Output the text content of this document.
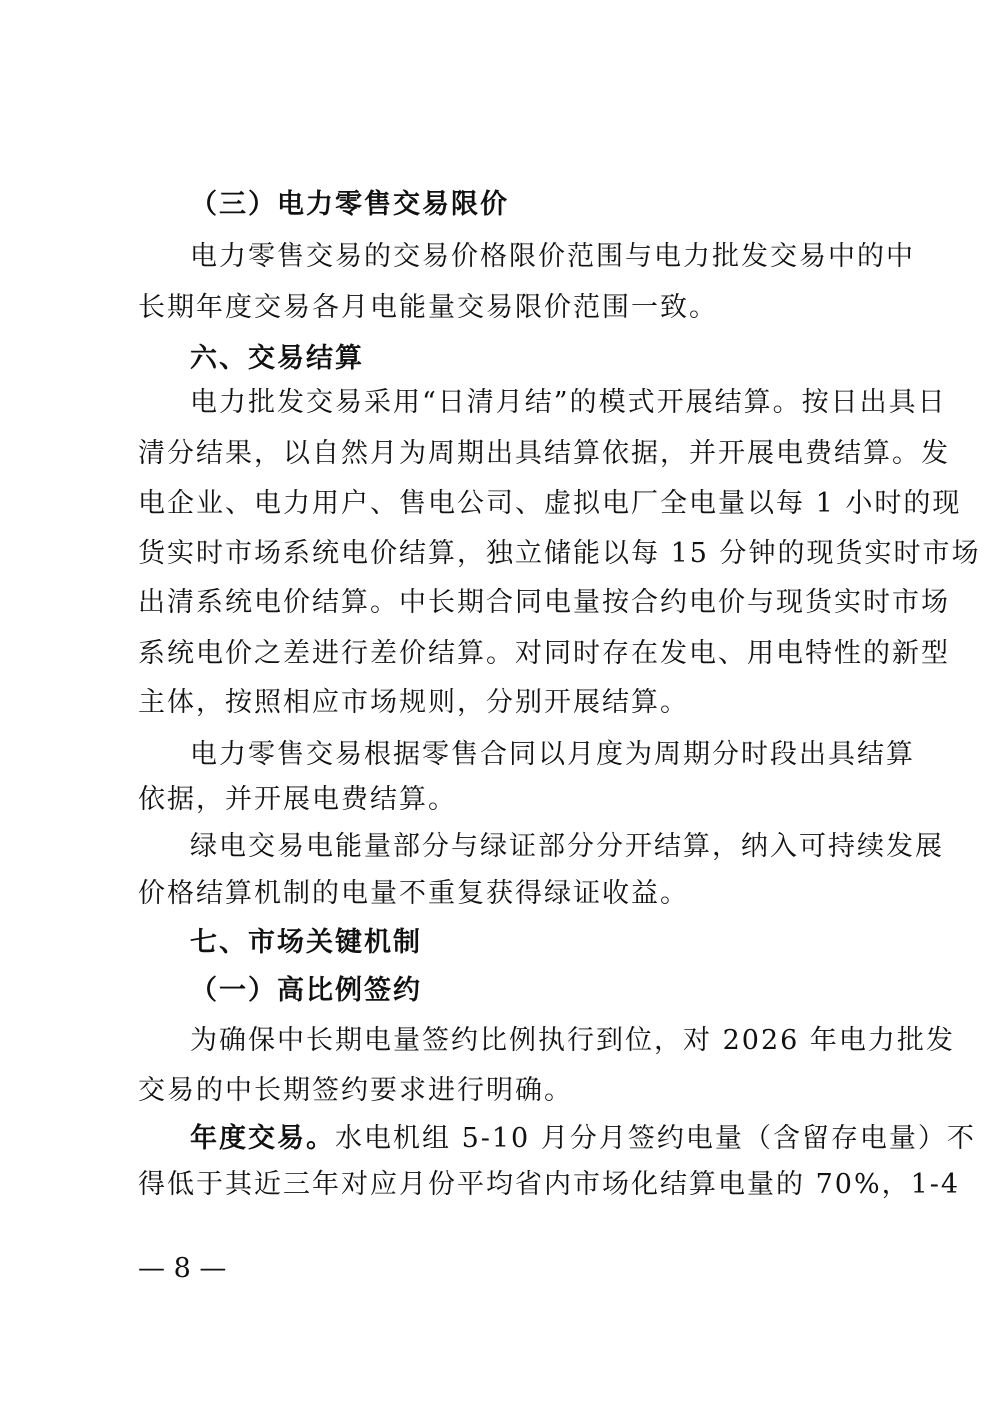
（三）电力零售交易限价
电力零售交易的交易价格限价范围与电力批发交易中的中
长期年度交易各月电能量交易限价范围一致。
六、交易结算
电力批发交易采用“日清月结”的模式开展结算。按日出具日
清分结果，以自然月为周期出具结算依据，并开展电费结算。发
电企业、电力用户、售电公司、虚拟电厂全电量以每 1 小时的现
货实时市场系统电价结算，独立储能以每 15 分钟的现货实时市场
出清系统电价结算。中长期合同电量按合约电价与现货实时市场
系统电价之差进行差价结算。对同时存在发电、用电特性的新型
主体，按照相应市场规则，分别开展结算。
电力零售交易根据零售合同以月度为周期分时段出具结算
依据，并开展电费结算。
绿电交易电能量部分与绿证部分分开结算，纳入可持续发展
价格结算机制的电量不重复获得绿证收益。
七、市场关键机制
（一）高比例签约
为确保中长期电量签约比例执行到位，对 2026 年电力批发
交易的中长期签约要求进行明确。
年度交易。水电机组 5-10 月分月签约电量（含留存电量）不
得低于其近三年对应月份平均省内市场化结算电量的 70%，1-4
— 8 —
